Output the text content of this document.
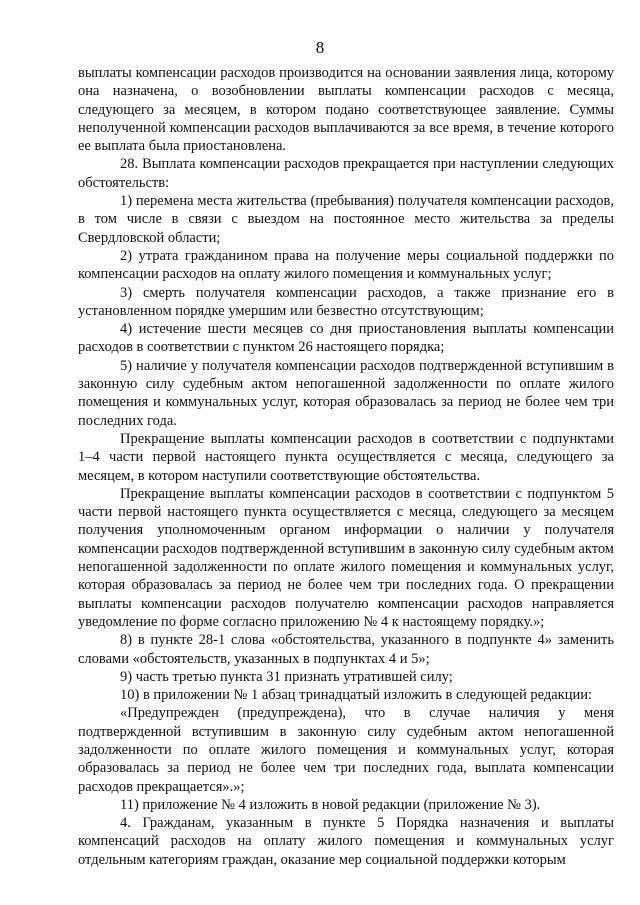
8

выплаты компенсации расходов производится на основании заявления лица, которому она назначена, о возобновлении выплаты компенсации расходов с месяца, следующего за месяцем, в котором подано соответствующее заявление. Суммы неполученной компенсации расходов выплачиваются за все время, в течение которого ее выплата была приостановлена.

28. Выплата компенсации расходов прекращается при наступлении следующих обстоятельств:

1) перемена места жительства (пребывания) получателя компенсации расходов, в том числе в связи с выездом на постоянное место жительства за пределы Свердловской области;

2) утрата гражданином права на получение меры социальной поддержки по компенсации расходов на оплату жилого помещения и коммунальных услуг;

3) смерть получателя компенсации расходов, а также признание его в установленном порядке умершим или безвестно отсутствующим;

4) истечение шести месяцев со дня приостановления выплаты компенсации расходов в соответствии с пунктом 26 настоящего порядка;

5) наличие у получателя компенсации расходов подтвержденной вступившим в законную силу судебным актом непогашенной задолженности по оплате жилого помещения и коммунальных услуг, которая образовалась за период не более чем три последних года.

Прекращение выплаты компенсации расходов в соответствии с подпунктами 1–4 части первой настоящего пункта осуществляется с месяца, следующего за месяцем, в котором наступили соответствующие обстоятельства.

Прекращение выплаты компенсации расходов в соответствии с подпунктом 5 части первой настоящего пункта осуществляется с месяца, следующего за месяцем получения уполномоченным органом информации о наличии у получателя компенсации расходов подтвержденной вступившим в законную силу судебным актом непогашенной задолженности по оплате жилого помещения и коммунальных услуг, которая образовалась за период не более чем три последних года. О прекращении выплаты компенсации расходов получателю компенсации расходов направляется уведомление по форме согласно приложению № 4 к настоящему порядку.»;

8) в пункте 28-1 слова «обстоятельства, указанного в подпункте 4» заменить словами «обстоятельств, указанных в подпунктах 4 и 5»;

9) часть третью пункта 31 признать утратившей силу;

10) в приложении № 1 абзац тринадцатый изложить в следующей редакции:

«Предупрежден (предупреждена), что в случае наличия у меня подтвержденной вступившим в законную силу судебным актом непогашенной задолженности по оплате жилого помещения и коммунальных услуг, которая образовалась за период не более чем три последних года, выплата компенсации расходов прекращается».»;

11) приложение № 4 изложить в новой редакции (приложение № 3).

4. Гражданам, указанным в пункте 5 Порядка назначения и выплаты компенсаций расходов на оплату жилого помещения и коммунальных услуг отдельным категориям граждан, оказание мер социальной поддержки которым
